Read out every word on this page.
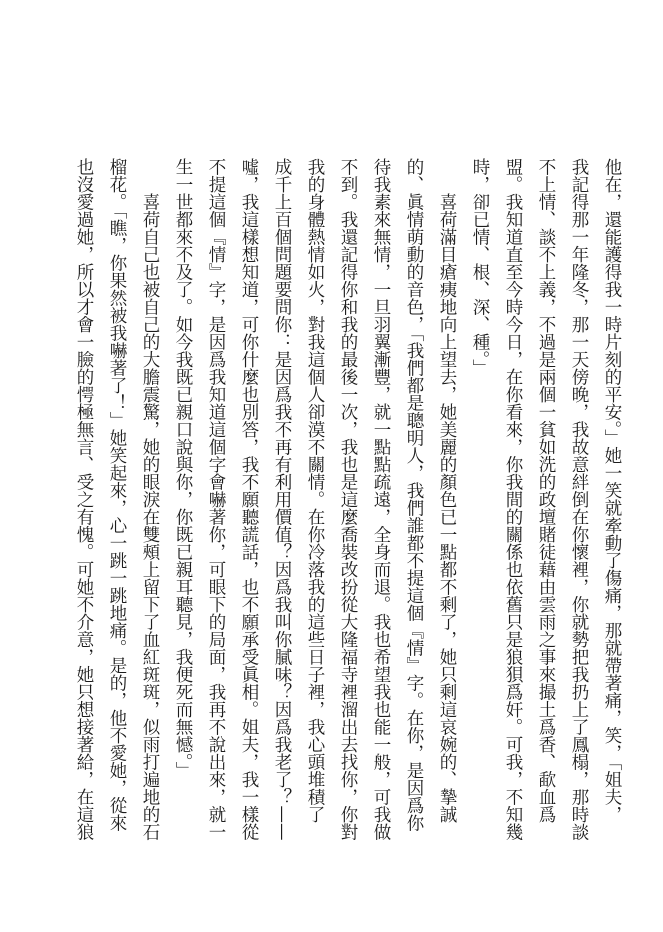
他在，還能護得我一時片刻的平安。」她一笑就牽動了傷痛，那就帶著痛，笑，「姐夫，

我記得那一年隆冬，那一天傍晚，我故意絆倒在你懷裡，你就勢把我扔上了鳳榻，那時談

不上情、談不上義，不過是兩個一貧如洗的政壇賭徒藉由雲雨之事來撮土爲香、歃血爲

盟。我知道直至今時今日，在你看來，你我間的關係也依舊只是狼狽爲奸。可我，不知幾

時，卻已情、根、深、種。」

喜荷滿目瘡痍地向上望去，她美麗的顏色已一點都不剩了，她只剩這哀婉的、摯誠

的、眞情萌動的音色，「我們都是聰明人，我們誰都不提這個『情』字。在你，是因爲你

待我素來無情，一旦羽翼漸豐，就一點點疏遠，全身而退。我也希望我也能一般，可我做

不到。我還記得你和我的最後一次，我也是這麼喬裝改扮從大隆福寺裡溜出去找你，你對

我的身體熱情如火，對我這個人卻漠不關情。在你冷落我的這些日子裡，我心頭堆積了

成千上百個問題要問你：是因爲我不再有利用價值？因爲我叫你膩味？因爲我老了？——

噓，我這樣想知道，可你什麼也別答，我不願聽謊話，也不願承受眞相。姐夫，我一樣從

不提這個『情』字，是因爲我知道這個字會嚇著你，可眼下的局面，我再不說出來，就一

生一世都來不及了。如今我既已親口說與你，你既已親耳聽見，我便死而無憾。」

喜荷自己也被自己的大膽震驚，她的眼淚在雙頰上留下了血紅斑斑，似雨打遍地的石

榴花。「瞧，你果然被我嚇著了！」她笑起來，心一跳一跳地痛。是的，他不愛她，從來

也沒愛過她，所以才會一臉的愕極無言、受之有愧。可她不介意，她只想接著給，在這狼
